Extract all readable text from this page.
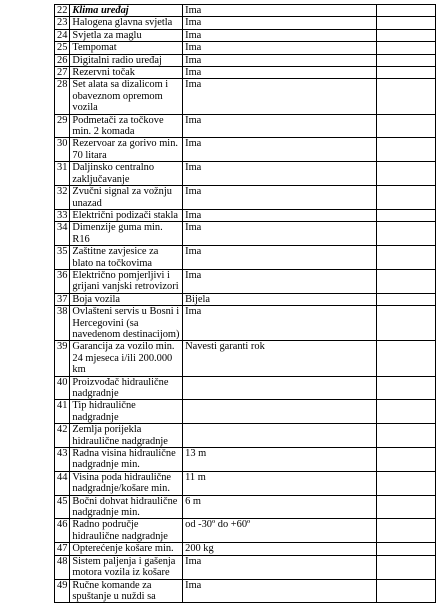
22	Klima uređaj	Ima	
23	Halogena glavna svjetla	Ima	
24	Svjetla za maglu	Ima	
25	Tempomat	Ima	
26	Digitalni radio uređaj	Ima	
27	Rezervni točak	Ima	
28	Set alata sa dizalicom i obaveznom opremom vozila	Ima	
29	Podmetači za točkove min. 2 komada	Ima	
30	Rezervoar za gorivo min. 70 litara	Ima	
31	Daljinsko centralno zaključavanje	Ima	
32	Zvučni signal za vožnju unazad	Ima	
33	Električni podizači stakla	Ima	
34	Dimenzije guma min. R16	Ima	
35	Zaštitne zavjesice za blato na točkovima	Ima	
36	Električno pomjerljivi i grijani vanjski retrovizori	Ima	
37	Boja vozila	Bijela	
38	Ovlašteni servis u Bosni i Hercegovini (sa navedenom destinacijom)	Ima	
39	Garancija za vozilo min. 24 mjeseca i/ili 200.000 km	Navesti garanti rok	
40	Proizvođač hidraulične nadgradnje		
41	Tip hidraulične nadgradnje		
42	Zemlja porijekla hidraulične nadgradnje		
43	Radna visina hidraulične nadgradnje min.	13 m	
44	Visina poda hidraulične nadgradnje/košare min.	11 m	
45	Bočni dohvat hidraulične nadgradnje min.	6 m	
46	Radno područje hidraulične nadgradnje	od -30º do +60º	
47	Opterećenje košare min.	200 kg	
48	Sistem paljenja i gašenja motora vozila iz košare	Ima	
49	Ručne komande za spuštanje u nuždi sa	Ima	
